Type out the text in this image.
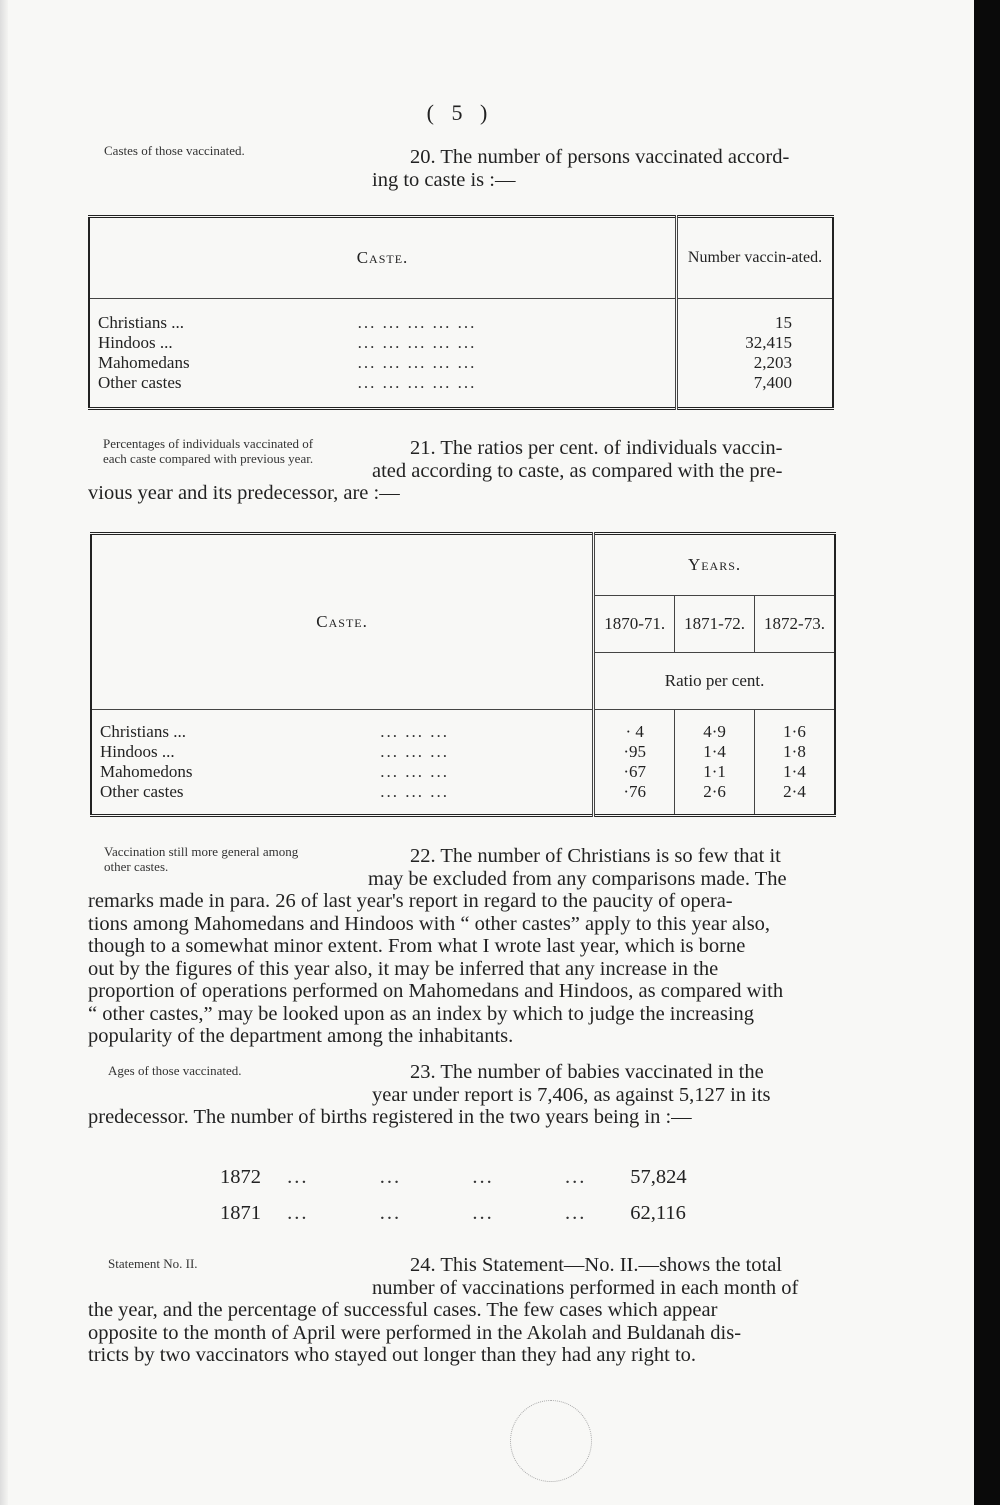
( 5 )
Castes of those vaccinated.	20. The number of persons vaccinated accord-
ing to caste is :—
Caste.		Number vaccin-ated.

Christians ...	... ... ... ... ...	15
Hindoos ...	... ... ... ... ...	32,415
Mahomedans	... ... ... ... ...	2,203
Other castes	... ... ... ... ...	7,400

Percentages of individuals vaccinated of
each caste compared with previous year.	21. The ratios per cent. of individuals vaccin-
ated according to caste, as compared with the pre-
vious year and its predecessor, are :—
Caste.		Years.		
		1870-71.	1871-72.	1872-73.
		Ratio per cent.		

Christians ...	... ... ...	· 4	4·9	1·6
Hindoos ...	... ... ...	·95	1·4	1·8
Mahomedons	... ... ...	·67	1·1	1·4
Other castes	... ... ...	·76	2·6	2·4

Vaccination still more general among
other castes.	22. The number of Christians is so few that it
may be excluded from any comparisons made. The
remarks made in para. 26 of last year's report in regard to the paucity of opera-
tions among Mahomedans and Hindoos with “ other castes” apply to this year also,
though to a somewhat minor extent. From what I wrote last year, which is borne
out by the figures of this year also, it may be inferred that any increase in the
proportion of operations performed on Mahomedans and Hindoos, as compared with
“ other castes,” may be looked upon as an index by which to judge the increasing
popularity of the department among the inhabitants.
Ages of those vaccinated.	23. The number of babies vaccinated in the
year under report is 7,406, as against 5,127 in its
predecessor. The number of births registered in the two years being in :—
1872 ...          ...          ...          ... 57,824
1871 ...          ...          ...          ... 62,116
Statement No. II.	24. This Statement—No. II.—shows the total
number of vaccinations performed in each month of
the year, and the percentage of successful cases. The few cases which appear
opposite to the month of April were performed in the Akolah and Buldanah dis-
tricts by two vaccinators who stayed out longer than they had any right to.
